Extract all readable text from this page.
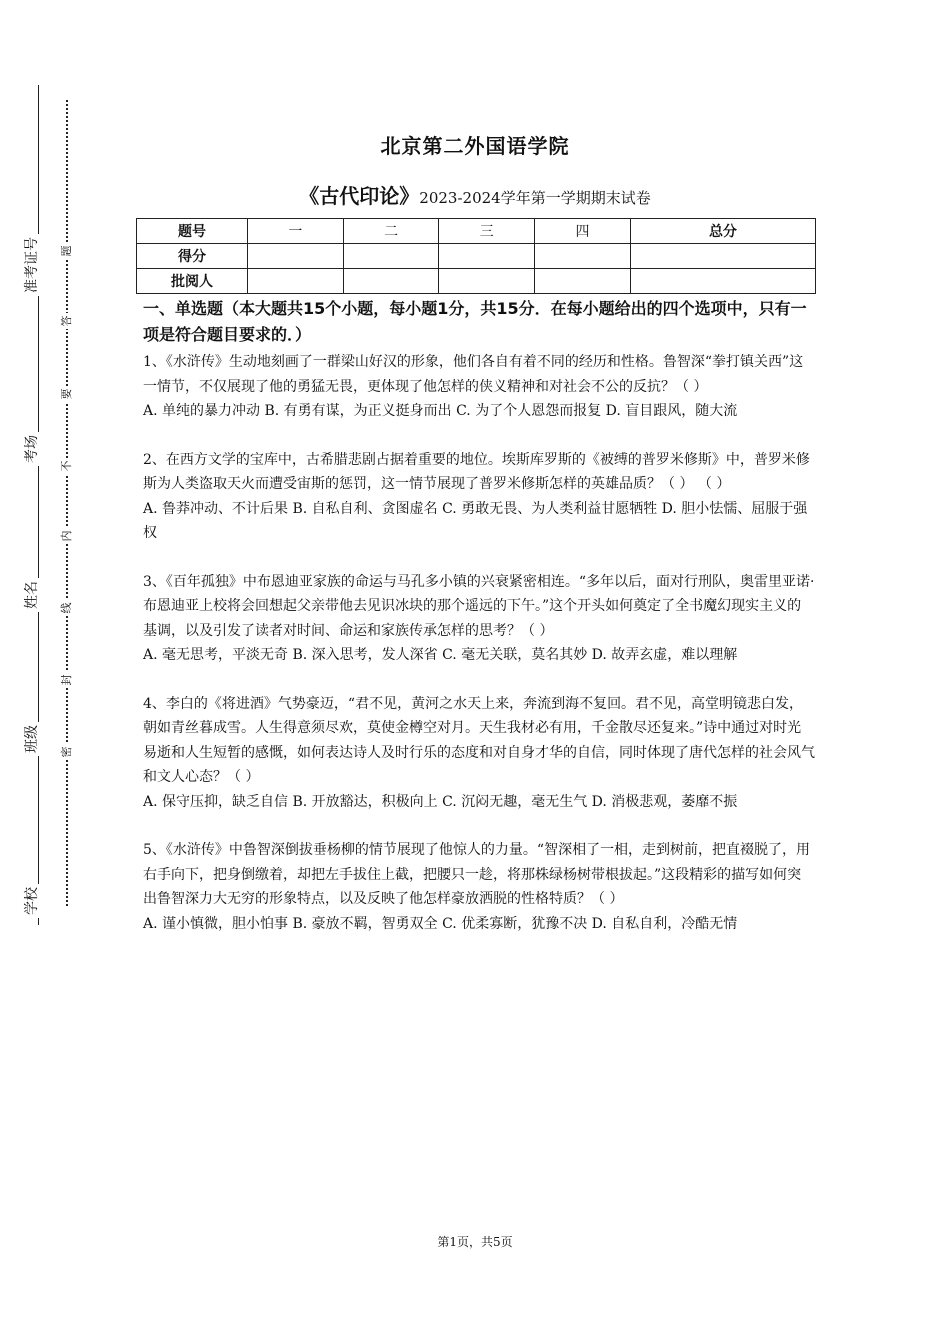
准考证号
考场
姓名
班级
学校
题
答
要
不
内
线
封
密
北京第二外国语学院
《古代印论》2023-2024学年第一学期期末试卷
题号	一	二	三	四	总分
得分					
批阅人					

一、单选题（本大题共15个小题，每小题1分，共15分．在每小题给出的四个选项中，只有一项是符合题目要求的．）

1、《水浒传》生动地刻画了一群梁山好汉的形象，他们各自有着不同的经历和性格。鲁智深“拳打镇关西”这一情节，不仅展现了他的勇猛无畏，更体现了他怎样的侠义精神和对社会不公的反抗？（ ）

A. 单纯的暴力冲动 B. 有勇有谋，为正义挺身而出 C. 为了个人恩怨而报复 D. 盲目跟风，随大流

2、在西方文学的宝库中，古希腊悲剧占据着重要的地位。埃斯库罗斯的《被缚的普罗米修斯》中，普罗米修斯为人类盗取天火而遭受宙斯的惩罚，这一情节展现了普罗米修斯怎样的英雄品质？（ ） （ ）

A. 鲁莽冲动、不计后果 B. 自私自利、贪图虚名 C. 勇敢无畏、为人类利益甘愿牺牲 D. 胆小怯懦、屈服于强权

3、《百年孤独》中布恩迪亚家族的命运与马孔多小镇的兴衰紧密相连。“多年以后，面对行刑队，奥雷里亚诺·布恩迪亚上校将会回想起父亲带他去见识冰块的那个遥远的下午。”这个开头如何奠定了全书魔幻现实主义的基调，以及引发了读者对时间、命运和家族传承怎样的思考？（ ）

A. 毫无思考，平淡无奇 B. 深入思考，发人深省 C. 毫无关联，莫名其妙 D. 故弄玄虚，难以理解

4、李白的《将进酒》气势豪迈，“君不见，黄河之水天上来，奔流到海不复回。君不见，高堂明镜悲白发，朝如青丝暮成雪。人生得意须尽欢，莫使金樽空对月。天生我材必有用，千金散尽还复来。”诗中通过对时光易逝和人生短暂的感慨，如何表达诗人及时行乐的态度和对自身才华的自信，同时体现了唐代怎样的社会风气和文人心态？（ ）

A. 保守压抑，缺乏自信 B. 开放豁达，积极向上 C. 沉闷无趣，毫无生气 D. 消极悲观，萎靡不振

5、《水浒传》中鲁智深倒拔垂杨柳的情节展现了他惊人的力量。“智深相了一相，走到树前，把直裰脱了，用右手向下，把身倒缴着，却把左手拔住上截，把腰只一趁，将那株绿杨树带根拔起。”这段精彩的描写如何突出鲁智深力大无穷的形象特点，以及反映了他怎样豪放洒脱的性格特质？（ ）

A. 谨小慎微，胆小怕事 B. 豪放不羁，智勇双全 C. 优柔寡断，犹豫不决 D. 自私自利，冷酷无情

第1页，共5页
